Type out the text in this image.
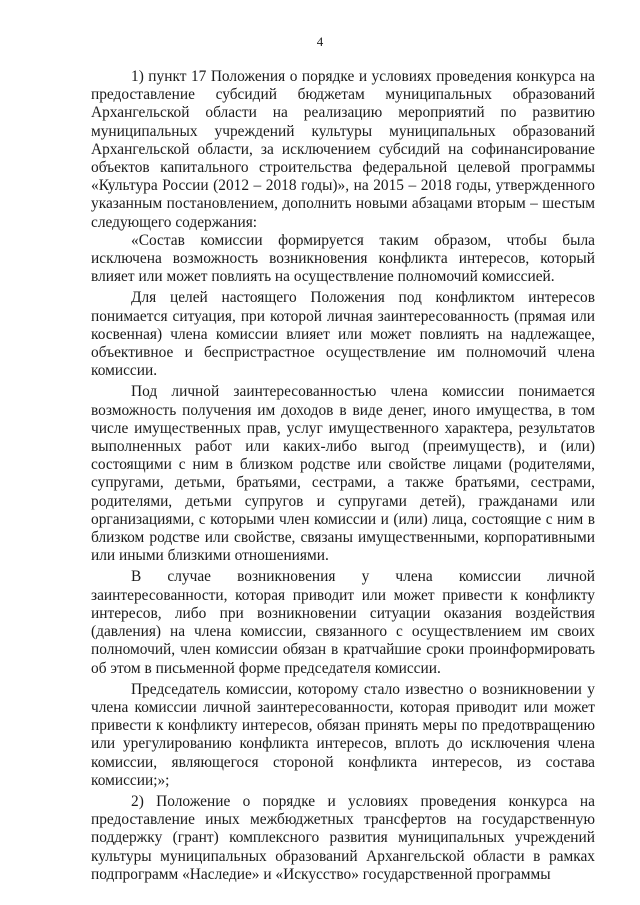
4

1) пункт 17 Положения о порядке и условиях проведения конкурса на предоставление субсидий бюджетам муниципальных образований Архангельской области на реализацию мероприятий по развитию муниципальных учреждений культуры муниципальных образований Архангельской области, за исключением субсидий на софинансирование объектов капитального строительства федеральной целевой программы «Культура России (2012 – 2018 годы)», на 2015 – 2018 годы, утвержденного указанным постановлением, дополнить новыми абзацами вторым – шестым следующего содержания:

«Состав комиссии формируется таким образом, чтобы была исключена возможность возникновения конфликта интересов, который влияет или может повлиять на осуществление полномочий комиссией.

Для целей настоящего Положения под конфликтом интересов понимается ситуация, при которой личная заинтересованность (прямая или косвенная) члена комиссии влияет или может повлиять на надлежащее, объективное и беспристрастное осуществление им полномочий члена комиссии.

Под личной заинтересованностью члена комиссии понимается возможность получения им доходов в виде денег, иного имущества, в том числе имущественных прав, услуг имущественного характера, результатов выполненных работ или каких-либо выгод (преимуществ), и (или) состоящими с ним в близком родстве или свойстве лицами (родителями, супругами, детьми, братьями, сестрами, а также братьями, сестрами, родителями, детьми супругов и супругами детей), гражданами или организациями, с которыми член комиссии и (или) лица, состоящие с ним в близком родстве или свойстве, связаны имущественными, корпоративными или иными близкими отношениями.

В случае возникновения у члена комиссии личной заинтересованности, которая приводит или может привести к конфликту интересов, либо при возникновении ситуации оказания воздействия (давления) на члена комиссии, связанного с осуществлением им своих полномочий, член комиссии обязан в кратчайшие сроки проинформировать об этом в письменной форме председателя комиссии.

Председатель комиссии, которому стало известно о возникновении у члена комиссии личной заинтересованности, которая приводит или может привести к конфликту интересов, обязан принять меры по предотвращению или урегулированию конфликта интересов, вплоть до исключения члена комиссии, являющегося стороной конфликта интересов, из состава комиссии;»;

2) Положение о порядке и условиях проведения конкурса на предоставление иных межбюджетных трансфертов на государственную поддержку (грант) комплексного развития муниципальных учреждений культуры муниципальных образований Архангельской области в рамках подпрограмм «Наследие» и «Искусство» государственной программы
